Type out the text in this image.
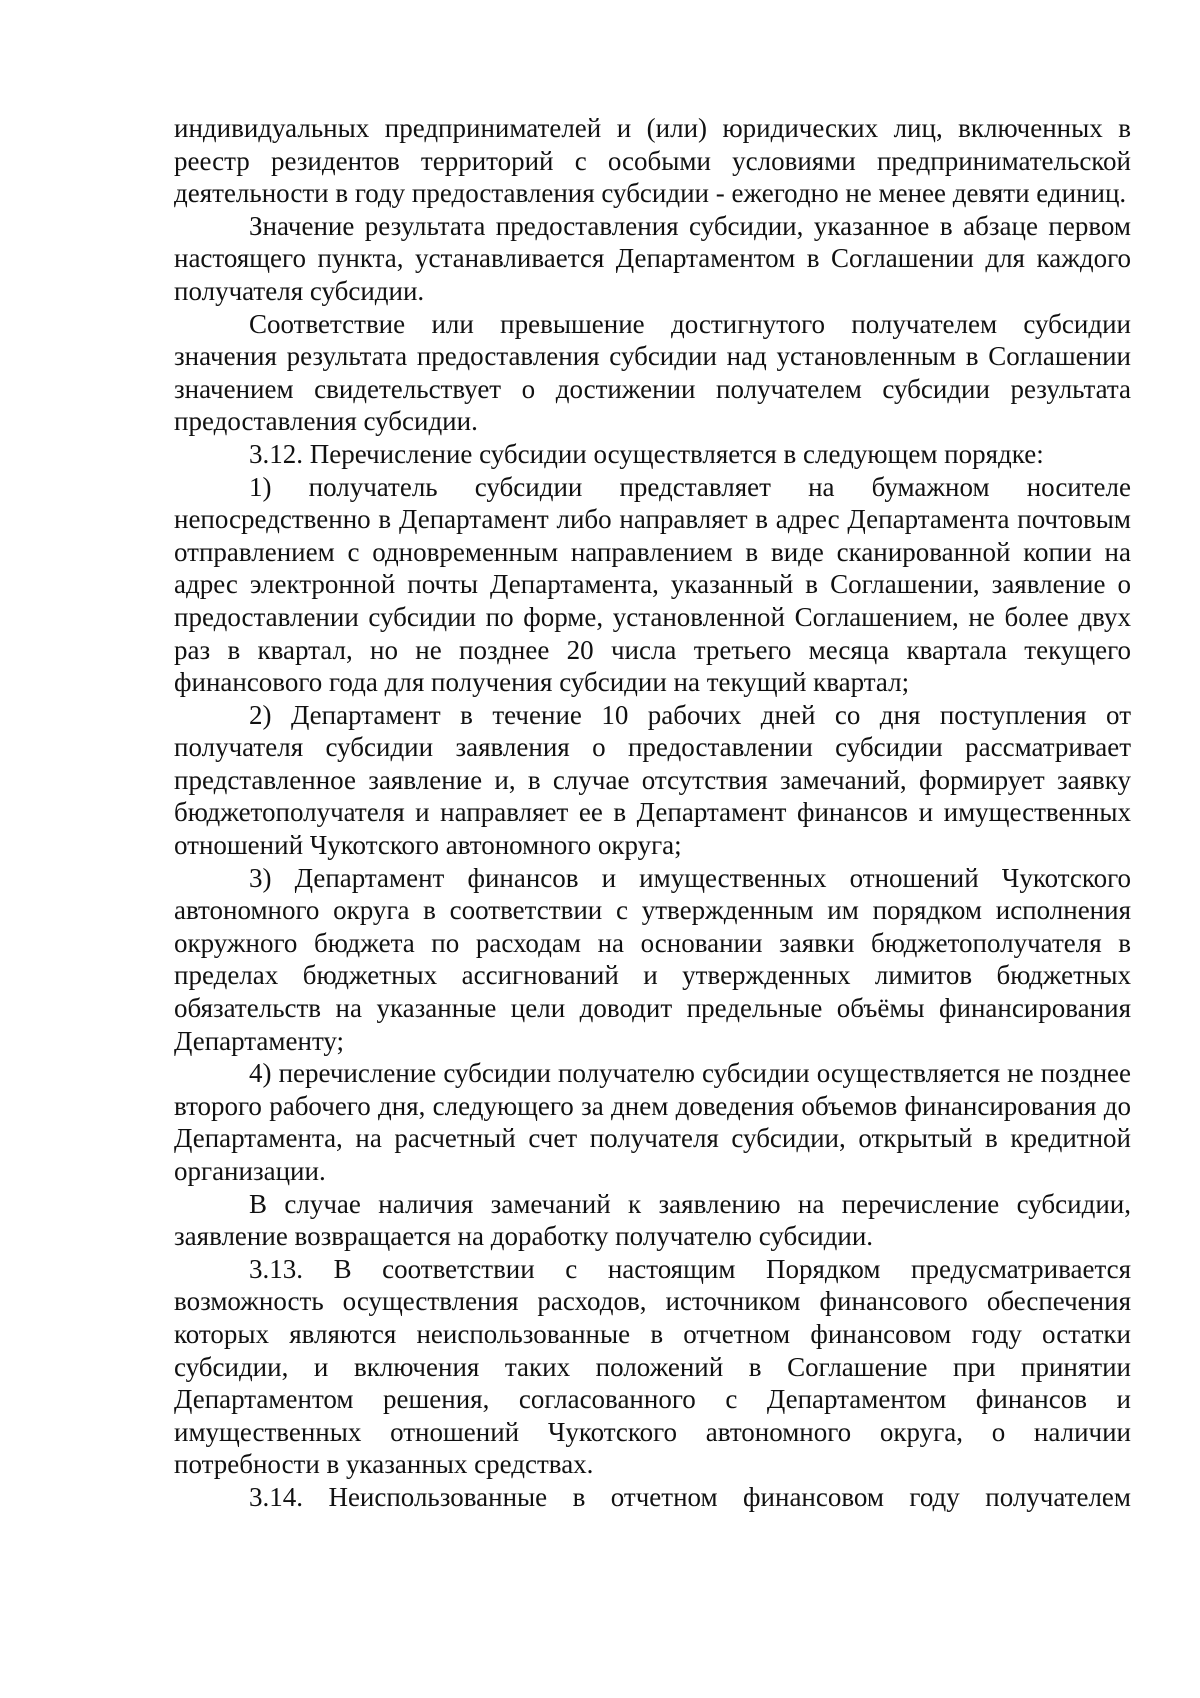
индивидуальных предпринимателей и (или) юридических лиц, включенных в реестр резидентов территорий с особыми условиями предпринимательской деятельности в году предоставления субсидии - ежегодно не менее девяти единиц.

Значение результата предоставления субсидии, указанное в абзаце первом настоящего пункта, устанавливается Департаментом в Соглашении для каждого получателя субсидии.

Соответствие или превышение достигнутого получателем субсидии значения результата предоставления субсидии над установленным в Соглашении значением свидетельствует о достижении получателем субсидии результата предоставления субсидии.

3.12. Перечисление субсидии осуществляется в следующем порядке:

1) получатель субсидии представляет на бумажном носителе непосредственно в Департамент либо направляет в адрес Департамента почтовым отправлением с одновременным направлением в виде сканированной копии на адрес электронной почты Департамента, указанный в Соглашении, заявление о предоставлении субсидии по форме, установленной Соглашением, не более двух раз в квартал, но не позднее 20 числа третьего месяца квартала текущего финансового года для получения субсидии на текущий квартал;

2) Департамент в течение 10 рабочих дней со дня поступления от получателя субсидии заявления о предоставлении субсидии рассматривает представленное заявление и, в случае отсутствия замечаний, формирует заявку бюджетополучателя и направляет ее в Департамент финансов и имущественных отношений Чукотского автономного округа;

3) Департамент финансов и имущественных отношений Чукотского автономного округа в соответствии с утвержденным им порядком исполнения окружного бюджета по расходам на основании заявки бюджетополучателя в пределах бюджетных ассигнований и утвержденных лимитов бюджетных обязательств на указанные цели доводит предельные объёмы финансирования Департаменту;

4) перечисление субсидии получателю субсидии осуществляется не позднее второго рабочего дня, следующего за днем доведения объемов финансирования до Департамента, на расчетный счет получателя субсидии, открытый в кредитной организации.

В случае наличия замечаний к заявлению на перечисление субсидии, заявление возвращается на доработку получателю субсидии.

3.13. В соответствии с настоящим Порядком предусматривается возможность осуществления расходов, источником финансового обеспечения которых являются неиспользованные в отчетном финансовом году остатки субсидии, и включения таких положений в Соглашение при принятии Департаментом решения, согласованного с Департаментом финансов и имущественных отношений Чукотского автономного округа, о наличии потребности в указанных средствах.

3.14. Неиспользованные в отчетном финансовом году получателем
